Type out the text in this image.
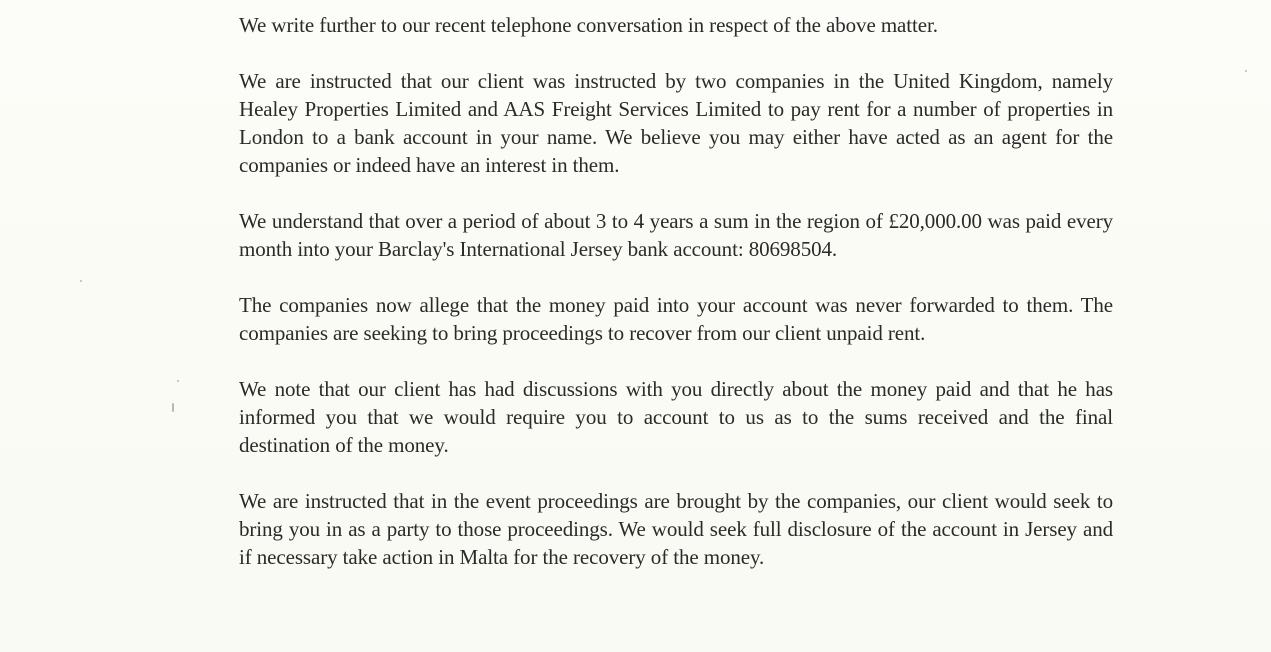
We write further to our recent telephone conversation in respect of the above matter.

We are instructed that our client was instructed by two companies in the United Kingdom, namely Healey Properties Limited and AAS Freight Services Limited to pay rent for a number of properties in London to a bank account in your name. We believe you may either have acted as an agent for the companies or indeed have an interest in them.

We understand that over a period of about 3 to 4 years a sum in the region of £20,000.00 was paid every month into your Barclay's International Jersey bank account: 80698504.

The companies now allege that the money paid into your account was never forwarded to them. The companies are seeking to bring proceedings to recover from our client unpaid rent.

We note that our client has had discussions with you directly about the money paid and that he has informed you that we would require you to account to us as to the sums received and the final destination of the money.

We are instructed that in the event proceedings are brought by the companies, our client would seek to bring you in as a party to those proceedings. We would seek full disclosure of the account in Jersey and if necessary take action in Malta for the recovery of the money.
